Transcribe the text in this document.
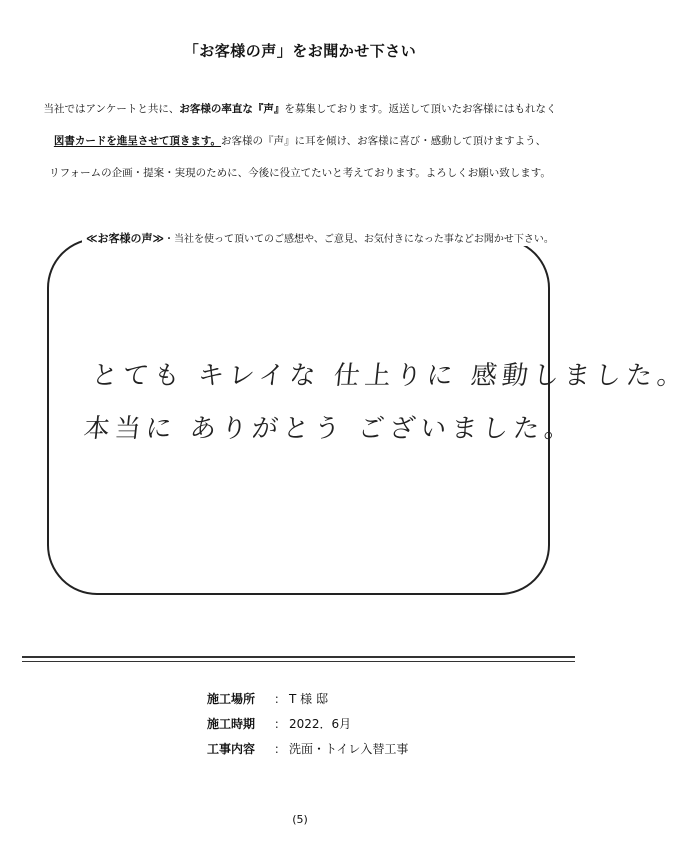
「お客様の声」をお聞かせ下さい
当社ではアンケートと共に、お客様の率直な『声』を募集しております。返送して頂いたお客様にはもれなく
図書カードを進呈させて頂きます。お客様の『声』に耳を傾け、お客様に喜び・感動して頂けますよう、
リフォームの企画・提案・実現のために、今後に役立てたいと考えております。よろしくお願い致します。
≪お客様の声≫・当社を使って頂いてのご感想や、ご意見、お気付きになった事などお聞かせ下さい。
とても キレイな 仕上りに 感動しました。
本当に ありがとう ございました。
施工場所 ： T 様 邸
施工時期 ： 2022．6月
工事内容 ： 洗面・トイレ入替工事
(5)
